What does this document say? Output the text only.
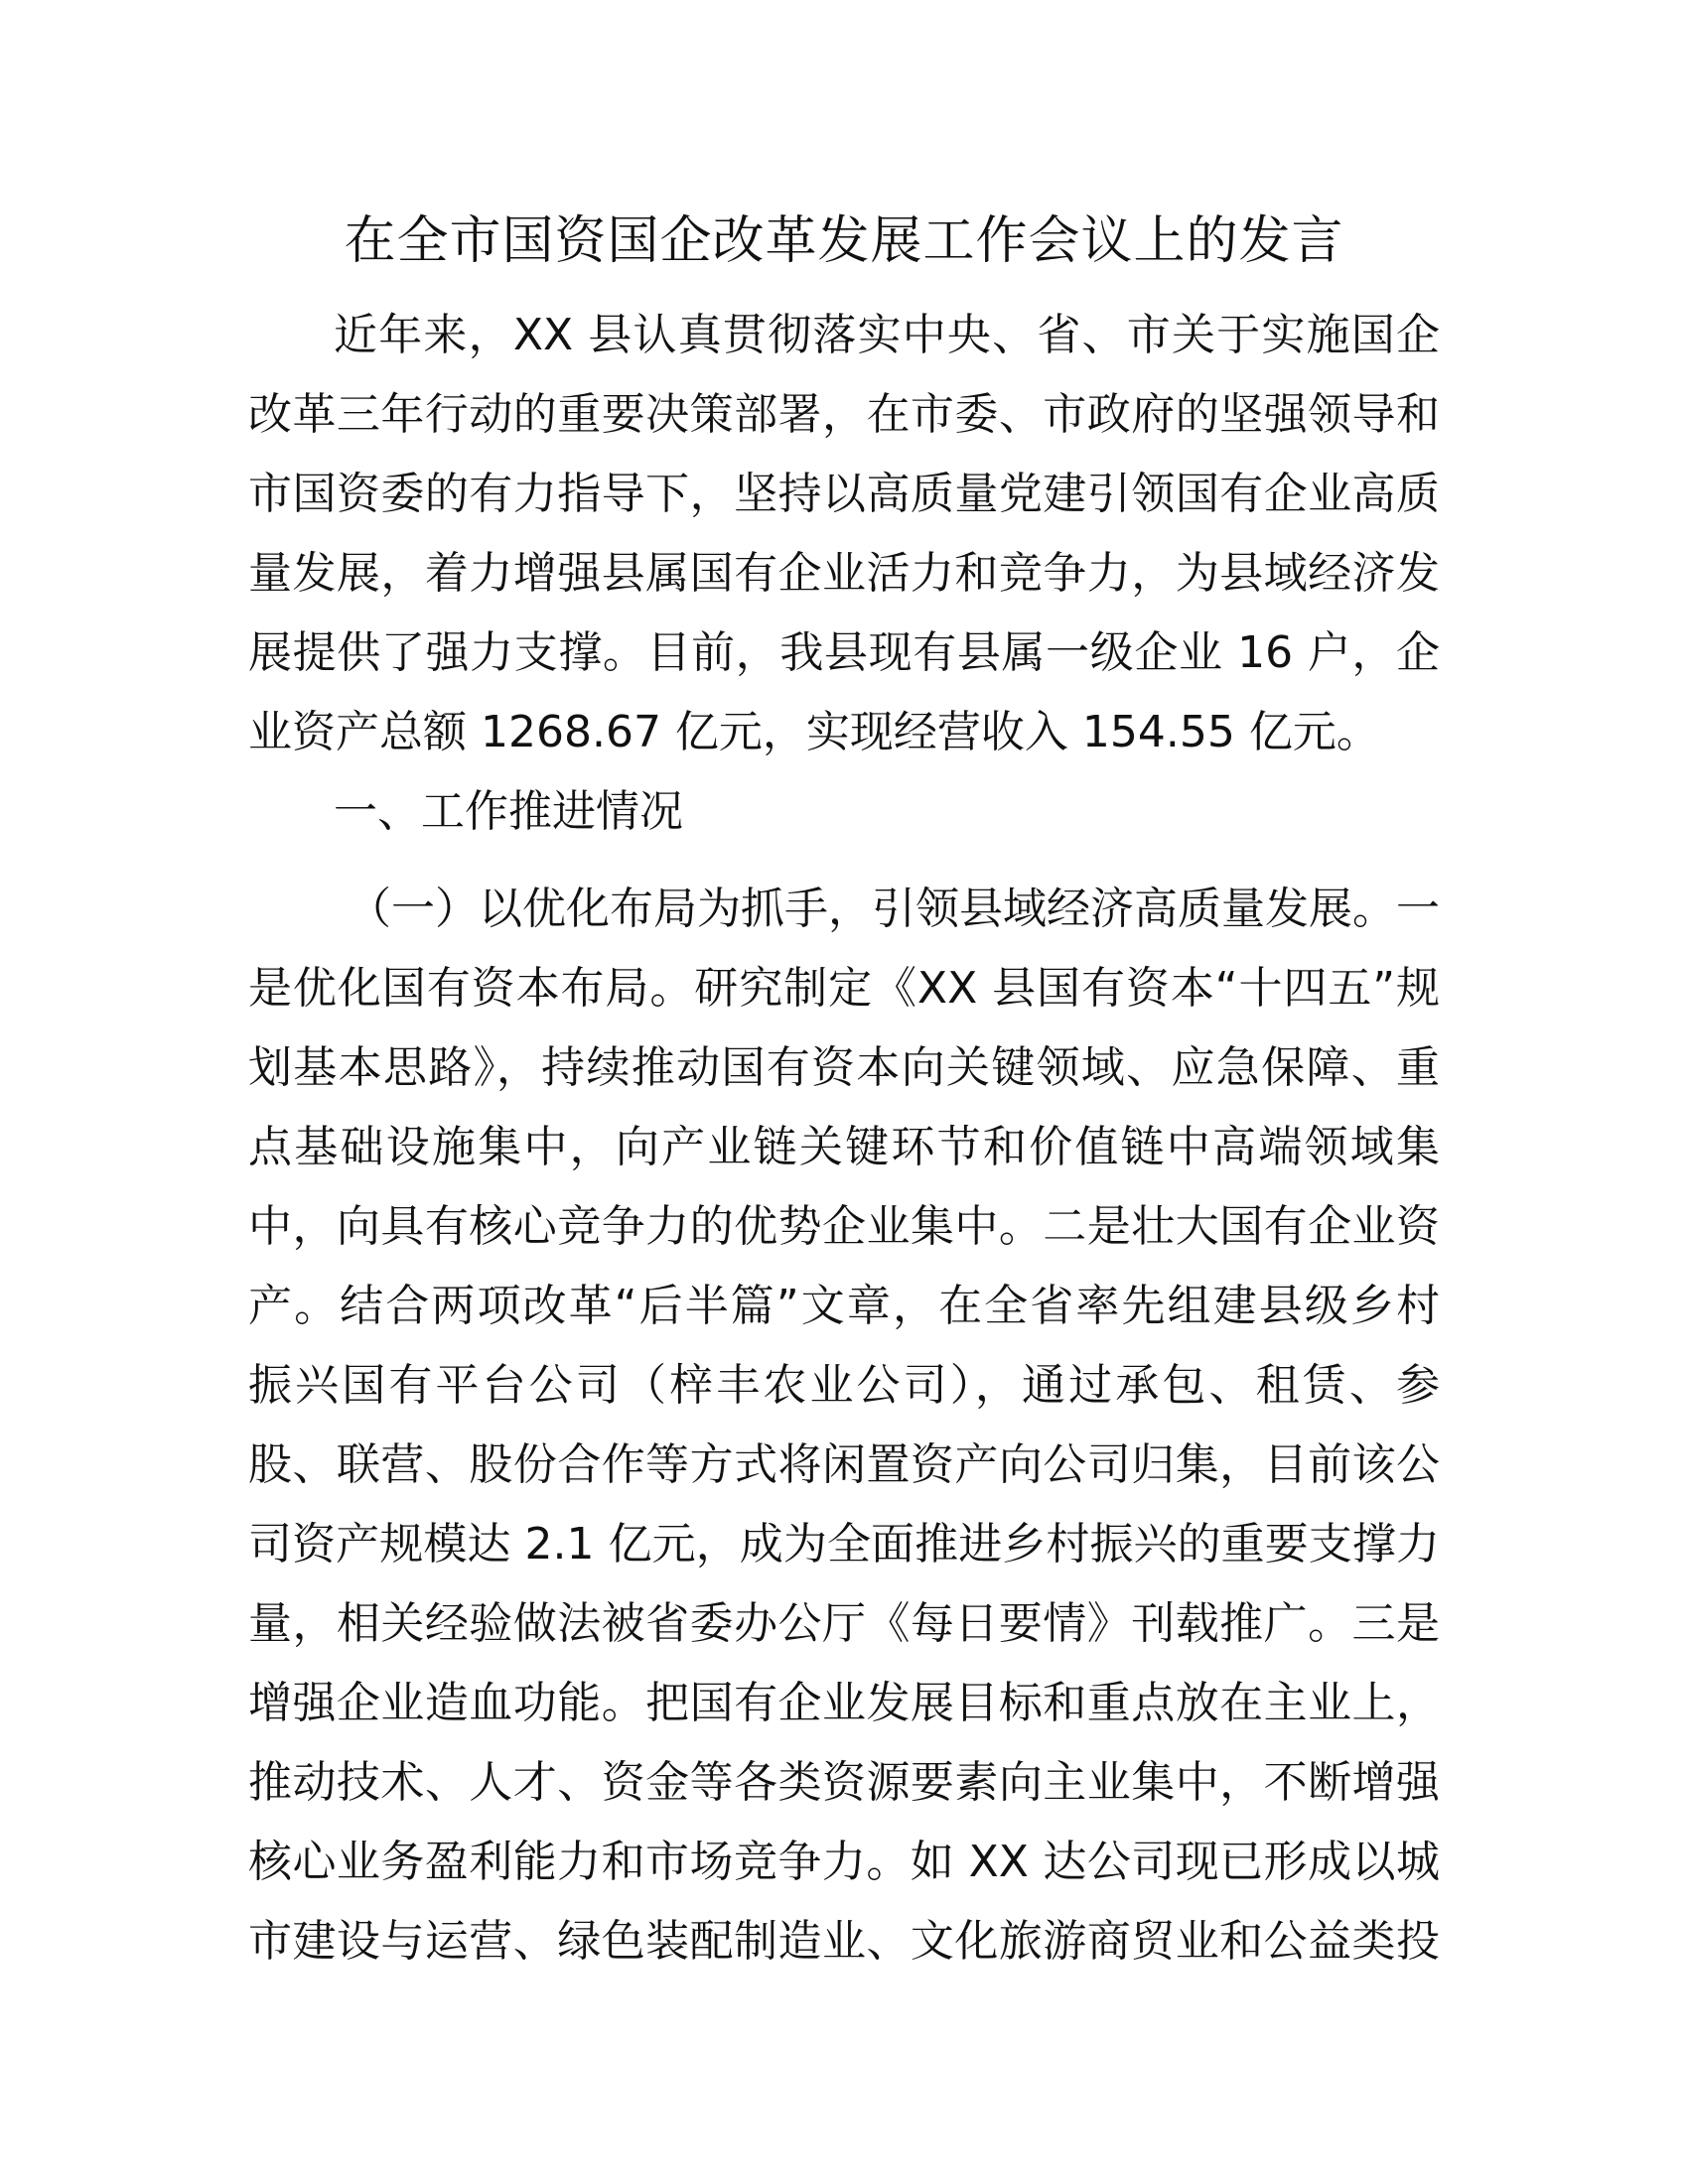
在全市国资国企改革发展工作会议上的发言
近年来，XX 县认真贯彻落实中央、省、市关于实施国企
改革三年行动的重要决策部署，在市委、市政府的坚强领导和
市国资委的有力指导下，坚持以高质量党建引领国有企业高质
量发展，着力增强县属国有企业活力和竞争力，为县域经济发
展提供了强力支撑。目前，我县现有县属一级企业 16 户，企
业资产总额 1268.67 亿元，实现经营收入 154.55 亿元。
一、工作推进情况
（一）以优化布局为抓手，引领县域经济高质量发展。一
是优化国有资本布局。研究制定《XX 县国有资本“十四五”规
划基本思路》，持续推动国有资本向关键领域、应急保障、重
点基础设施集中，向产业链关键环节和价值链中高端领域集
中，向具有核心竞争力的优势企业集中。二是壮大国有企业资
产。结合两项改革“后半篇”文章，在全省率先组建县级乡村
振兴国有平台公司（梓丰农业公司），通过承包、租赁、参
股、联营、股份合作等方式将闲置资产向公司归集，目前该公
司资产规模达 2.1 亿元，成为全面推进乡村振兴的重要支撑力
量，相关经验做法被省委办公厅《每日要情》刊载推广。三是
增强企业造血功能。把国有企业发展目标和重点放在主业上，
推动技术、人才、资金等各类资源要素向主业集中，不断增强
核心业务盈利能力和市场竞争力。如 XX 达公司现已形成以城
市建设与运营、绿色装配制造业、文化旅游商贸业和公益类投
